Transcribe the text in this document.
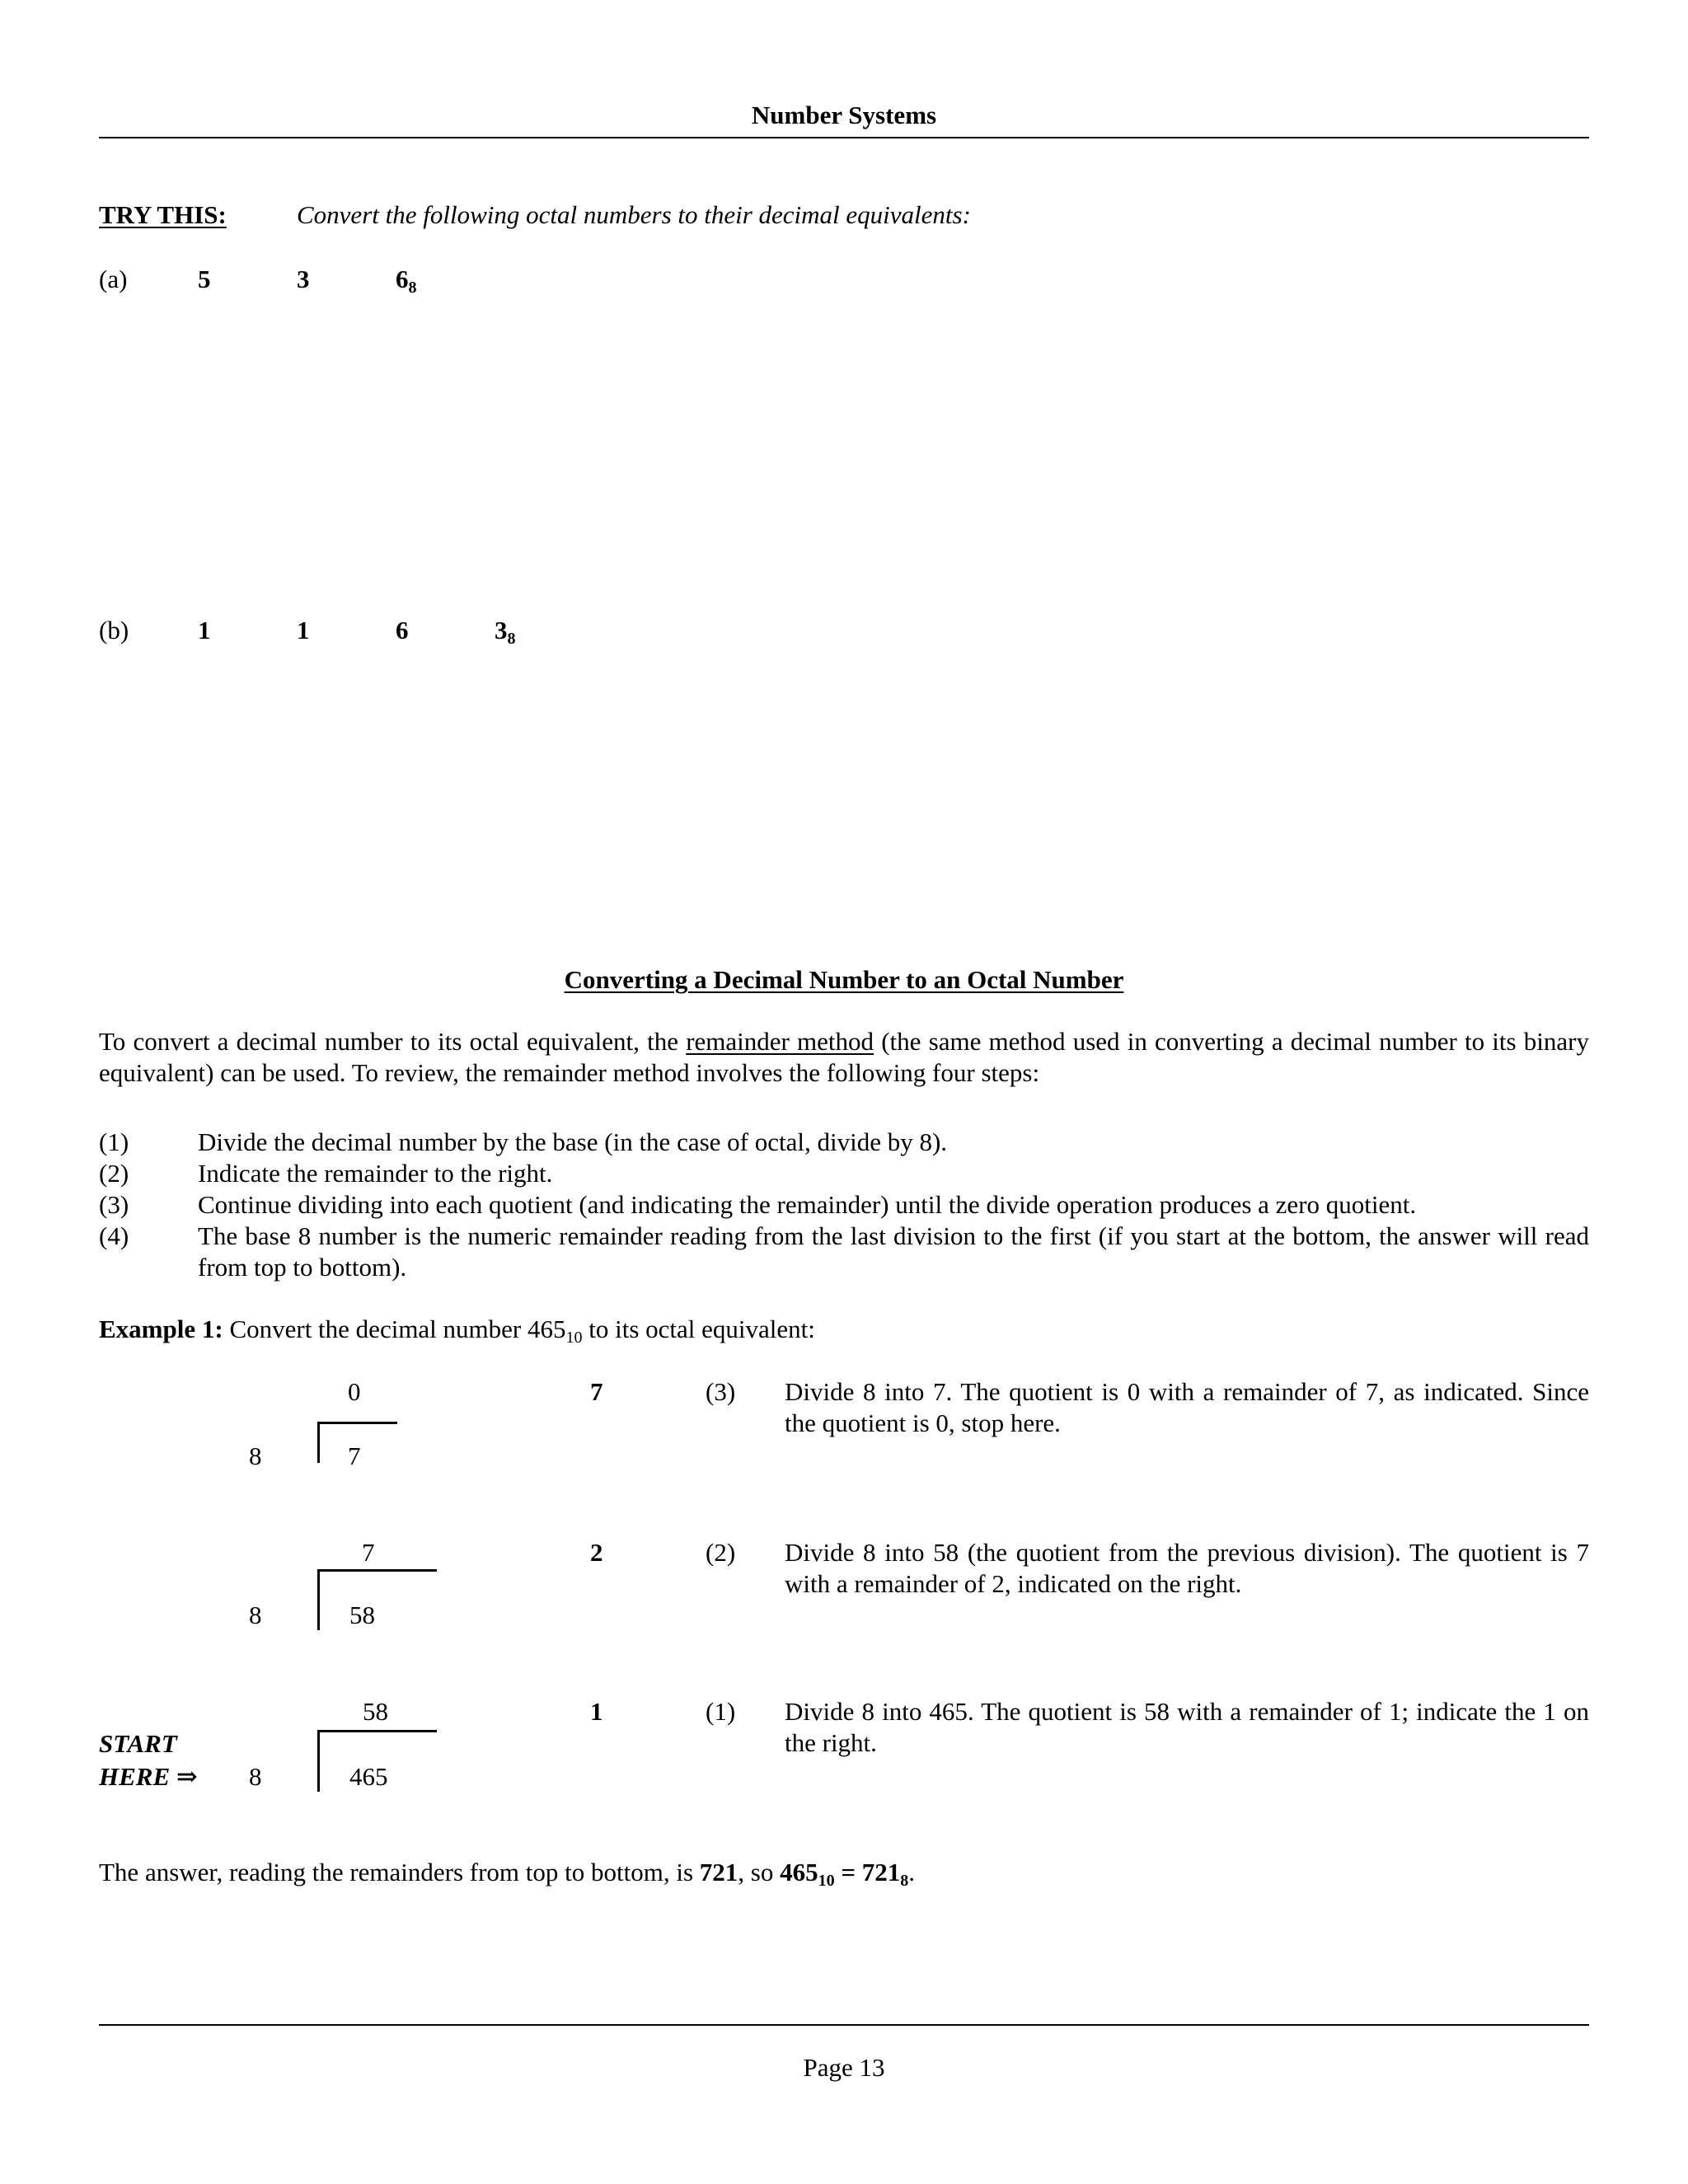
Number Systems
TRY THIS:	Convert the following octal numbers to their decimal equivalents:
(a)	5	3	$6_8$
(b)	1	1	6	$3_8$
Converting a Decimal Number to an Octal Number
To convert a decimal number to its octal equivalent, the remainder method (the same method used in converting a decimal number to its binary equivalent) can be used. To review, the remainder method involves the following four steps:
(1)	Divide the decimal number by the base (in the case of octal, divide by 8).
(2)	Indicate the remainder to the right.
(3)	Continue dividing into each quotient (and indicating the remainder) until the divide operation produces a zero quotient.
(4)	The base 8 number is the numeric remainder reading from the last division to the first (if you start at the bottom, the answer will read from top to bottom).
Example 1: Convert the decimal number $465_{10}$ to its octal equivalent:
0
8	7
7	(3) Divide 8 into 7. The quotient is 0 with a remainder of 7, as indicated. Since the quotient is 0, stop here.
7
8	58
2	(2) Divide 8 into 58 (the quotient from the previous division). The quotient is 7 with a remainder of 2, indicated on the right.
58
START
HERE ⇒ 8	465
1	(1) Divide 8 into 465. The quotient is 58 with a remainder of 1; indicate the 1 on the right.
The answer, reading the remainders from top to bottom, is 721, so $465_{10} = 721_8$.
Page 13
